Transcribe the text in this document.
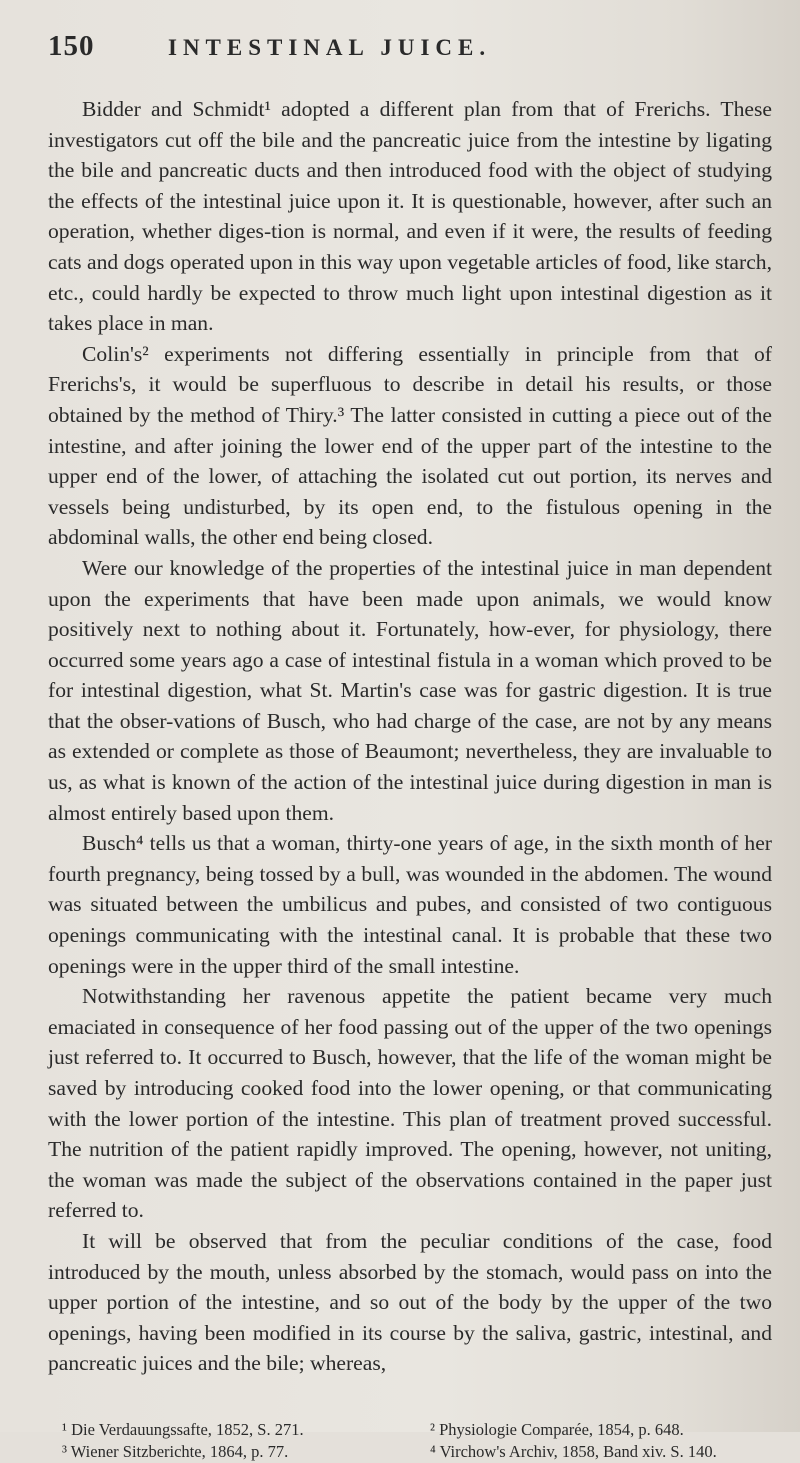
150	INTESTINAL JUICE.

Bidder and Schmidt¹ adopted a different plan from that of Frerichs. These investigators cut off the bile and the pancreatic juice from the intestine by ligating the bile and pancreatic ducts and then introduced food with the object of studying the effects of the intestinal juice upon it. It is questionable, however, after such an operation, whether diges-tion is normal, and even if it were, the results of feeding cats and dogs operated upon in this way upon vegetable articles of food, like starch, etc., could hardly be expected to throw much light upon intestinal digestion as it takes place in man.

Colin's² experiments not differing essentially in principle from that of Frerichs's, it would be superfluous to describe in detail his results, or those obtained by the method of Thiry.³ The latter consisted in cutting a piece out of the intestine, and after joining the lower end of the upper part of the intestine to the upper end of the lower, of attaching the isolated cut out portion, its nerves and vessels being undisturbed, by its open end, to the fistulous opening in the abdominal walls, the other end being closed.

Were our knowledge of the properties of the intestinal juice in man dependent upon the experiments that have been made upon animals, we would know positively next to nothing about it. Fortunately, how-ever, for physiology, there occurred some years ago a case of intestinal fistula in a woman which proved to be for intestinal digestion, what St. Martin's case was for gastric digestion. It is true that the obser-vations of Busch, who had charge of the case, are not by any means as extended or complete as those of Beaumont; nevertheless, they are invaluable to us, as what is known of the action of the intestinal juice during digestion in man is almost entirely based upon them.

Busch⁴ tells us that a woman, thirty-one years of age, in the sixth month of her fourth pregnancy, being tossed by a bull, was wounded in the abdomen. The wound was situated between the umbilicus and pubes, and consisted of two contiguous openings communicating with the intestinal canal. It is probable that these two openings were in the upper third of the small intestine.

Notwithstanding her ravenous appetite the patient became very much emaciated in consequence of her food passing out of the upper of the two openings just referred to. It occurred to Busch, however, that the life of the woman might be saved by introducing cooked food into the lower opening, or that communicating with the lower portion of the intestine. This plan of treatment proved successful. The nutrition of the patient rapidly improved. The opening, however, not uniting, the woman was made the subject of the observations contained in the paper just referred to.

It will be observed that from the peculiar conditions of the case, food introduced by the mouth, unless absorbed by the stomach, would pass on into the upper portion of the intestine, and so out of the body by the upper of the two openings, having been modified in its course by the saliva, gastric, intestinal, and pancreatic juices and the bile; whereas,

¹ Die Verdauungssafte, 1852, S. 271.	² Physiologie Comparée, 1854, p. 648.
³ Wiener Sitzberichte, 1864, p. 77.	⁴ Virchow's Archiv, 1858, Band xiv. S. 140.
